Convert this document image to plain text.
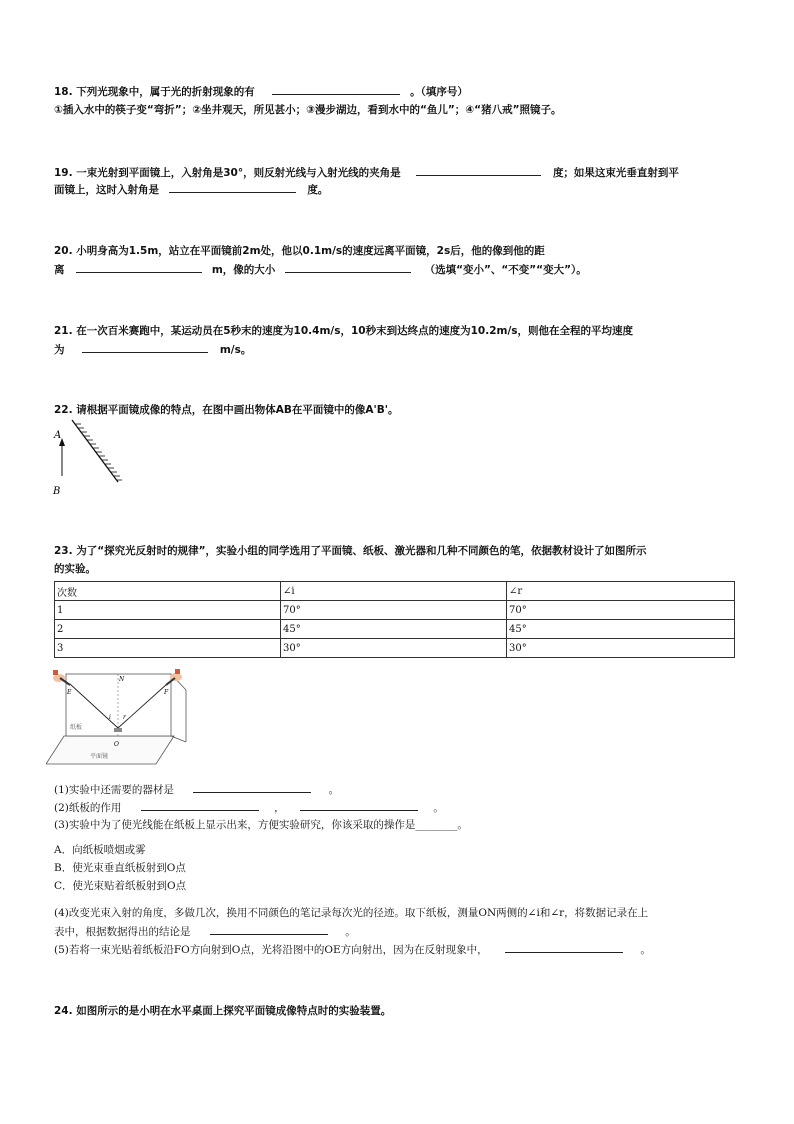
18. 下列光现象中，属于光的折射现象的有	。（填序号）
①插入水中的筷子变“弯折”；②坐井观天，所见甚小；③漫步湖边，看到水中的“鱼儿”；④“猪八戒”照镜子。
19. 一束光射到平面镜上，入射角是30°，则反射光线与入射光线的夹角是	度；如果这束光垂直射到平
面镜上，这时入射角是	度。
20. 小明身高为1.5m，站立在平面镜前2m处，他以0.1m/s的速度远离平面镜，2s后，他的像到他的距
离	m，像的大小	（选填“变小”、“不变”“变大”）。
21. 在一次百米赛跑中，某运动员在5秒末的速度为10.4m/s，10秒末到达终点的速度为10.2m/s，则他在全程的平均速度
为	m/s。
22. 请根据平面镜成像的特点，在图中画出物体AB在平面镜中的像A'B'。
A
B
23. 为了“探究光反射时的规律”，实验小组的同学选用了平面镜、纸板、激光器和几种不同颜色的笔，依据教材设计了如图所示
的实验。
次数	∠i	∠r
1	70°	70°
2	45°	45°
3	30°	30°
E	F
N
i r
O
纸板
平面镜
(1)实验中还需要的器材是	。
(2)纸板的作用	，	。
(3)实验中为了使光线能在纸板上显示出来，方便实验研究，你该采取的操作是________。
A．向纸板喷烟或雾
B．使光束垂直纸板射到O点
C．使光束贴着纸板射到O点
(4)改变光束入射的角度，多做几次，换用不同颜色的笔记录每次光的径迹。取下纸板，测量ON两侧的∠i和∠r，将数据记录在上
表中，根据数据得出的结论是	。
(5)若将一束光贴着纸板沿FO方向射到O点，光将沿图中的OE方向射出，因为在反射现象中，	。
24. 如图所示的是小明在水平桌面上探究平面镜成像特点时的实验装置。
